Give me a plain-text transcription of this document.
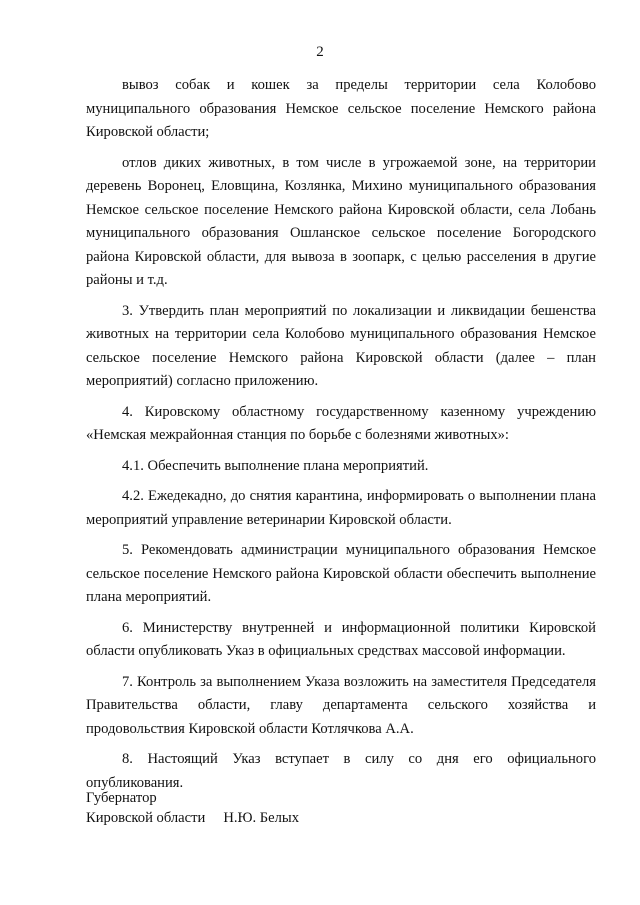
2

вывоз собак и кошек за пределы территории села Колобово муниципального образования Немское сельское поселение Немского района Кировской области;

отлов диких животных, в том числе в угрожаемой зоне, на территории деревень Воронец, Еловщина, Козлянка, Михино муниципального образования Немское сельское поселение Немского района Кировской области, села Лобань муниципального образования Ошланское сельское поселение Богородского района Кировской области, для вывоза в зоопарк, с целью расселения в другие районы и т.д.

3. Утвердить план мероприятий по локализации и ликвидации бешенства животных на территории села Колобово муниципального образования Немское сельское поселение Немского района Кировской области (далее – план мероприятий) согласно приложению.

4. Кировскому областному государственному казенному учреждению «Немская межрайонная станция по борьбе с болезнями животных»:

4.1. Обеспечить выполнение плана мероприятий.

4.2. Ежедекадно, до снятия карантина, информировать о выполнении плана мероприятий управление ветеринарии Кировской области.

5. Рекомендовать администрации муниципального образования Немское сельское поселение Немского района Кировской области обеспечить выполнение плана мероприятий.

6. Министерству внутренней и информационной политики Кировской области опубликовать Указ в официальных средствах массовой информации.

7. Контроль за выполнением Указа возложить на заместителя Председателя Правительства области, главу департамента сельского хозяйства и продовольствия Кировской области Котлячкова А.А.

8. Настоящий Указ вступает в силу со дня его официального опубликования.

Губернатор
Кировской области Н.Ю. Белых
